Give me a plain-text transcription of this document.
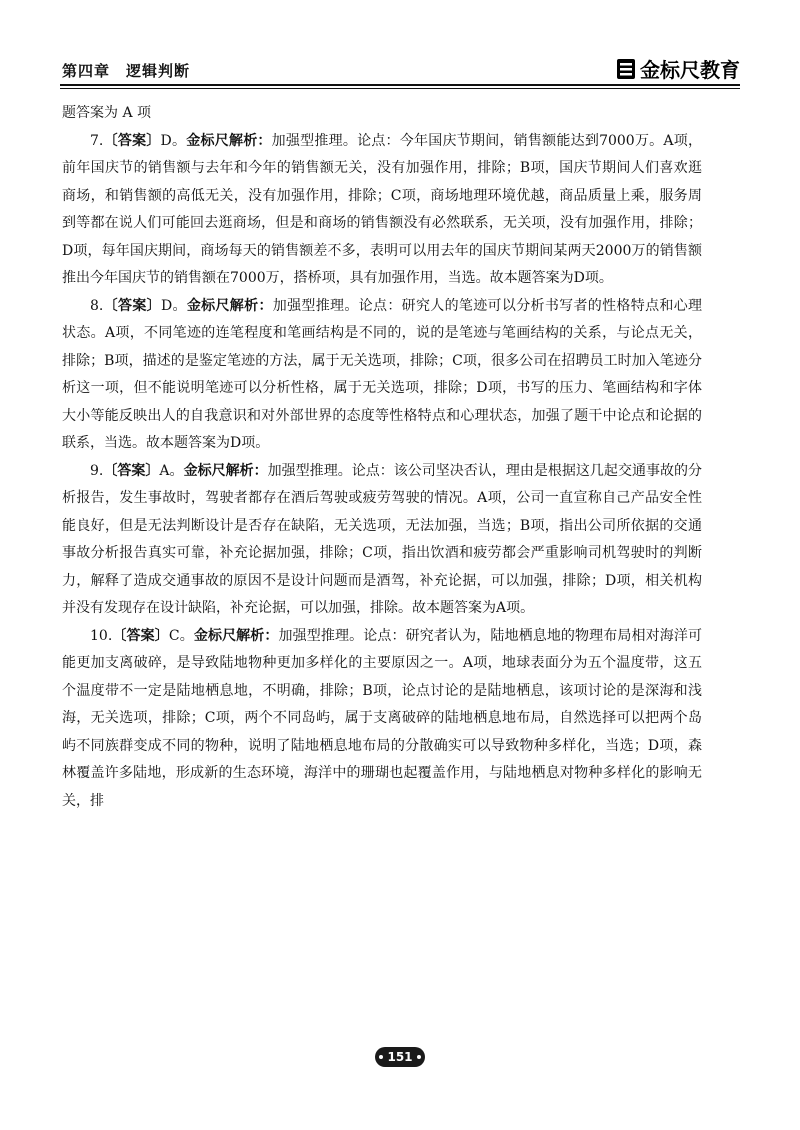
第四章　逻辑判断	金标尺教育

题答案为 A 项

7.〔答案〕D。金标尺解析：加强型推理。论点：今年国庆节期间，销售额能达到7000万。A项，前年国庆节的销售额与去年和今年的销售额无关，没有加强作用，排除；B项，国庆节期间人们喜欢逛商场，和销售额的高低无关，没有加强作用，排除；C项，商场地理环境优越，商品质量上乘，服务周到等都在说人们可能回去逛商场，但是和商场的销售额没有必然联系，无关项，没有加强作用，排除；D项，每年国庆期间，商场每天的销售额差不多，表明可以用去年的国庆节期间某两天2000万的销售额推出今年国庆节的销售额在7000万，搭桥项，具有加强作用，当选。故本题答案为D项。

8.〔答案〕D。金标尺解析：加强型推理。论点：研究人的笔迹可以分析书写者的性格特点和心理状态。A项，不同笔迹的连笔程度和笔画结构是不同的，说的是笔迹与笔画结构的关系，与论点无关，排除；B项，描述的是鉴定笔迹的方法，属于无关选项，排除；C项，很多公司在招聘员工时加入笔迹分析这一项，但不能说明笔迹可以分析性格，属于无关选项，排除；D项，书写的压力、笔画结构和字体大小等能反映出人的自我意识和对外部世界的态度等性格特点和心理状态，加强了题干中论点和论据的联系，当选。故本题答案为D项。

9.〔答案〕A。金标尺解析：加强型推理。论点：该公司坚决否认，理由是根据这几起交通事故的分析报告，发生事故时，驾驶者都存在酒后驾驶或疲劳驾驶的情况。A项，公司一直宣称自己产品安全性能良好，但是无法判断设计是否存在缺陷，无关选项，无法加强，当选；B项，指出公司所依据的交通事故分析报告真实可靠，补充论据加强，排除；C项，指出饮酒和疲劳都会严重影响司机驾驶时的判断力，解释了造成交通事故的原因不是设计问题而是酒驾，补充论据，可以加强，排除；D项，相关机构并没有发现存在设计缺陷，补充论据，可以加强，排除。故本题答案为A项。

10.〔答案〕C。金标尺解析：加强型推理。论点：研究者认为，陆地栖息地的物理布局相对海洋可能更加支离破碎，是导致陆地物种更加多样化的主要原因之一。A项，地球表面分为五个温度带，这五个温度带不一定是陆地栖息地，不明确，排除；B项，论点讨论的是陆地栖息，该项讨论的是深海和浅海，无关选项，排除；C项，两个不同岛屿，属于支离破碎的陆地栖息地布局，自然选择可以把两个岛屿不同族群变成不同的物种，说明了陆地栖息地布局的分散确实可以导致物种多样化，当选；D项，森林覆盖许多陆地，形成新的生态环境，海洋中的珊瑚也起覆盖作用，与陆地栖息对物种多样化的影响无关，排

151
